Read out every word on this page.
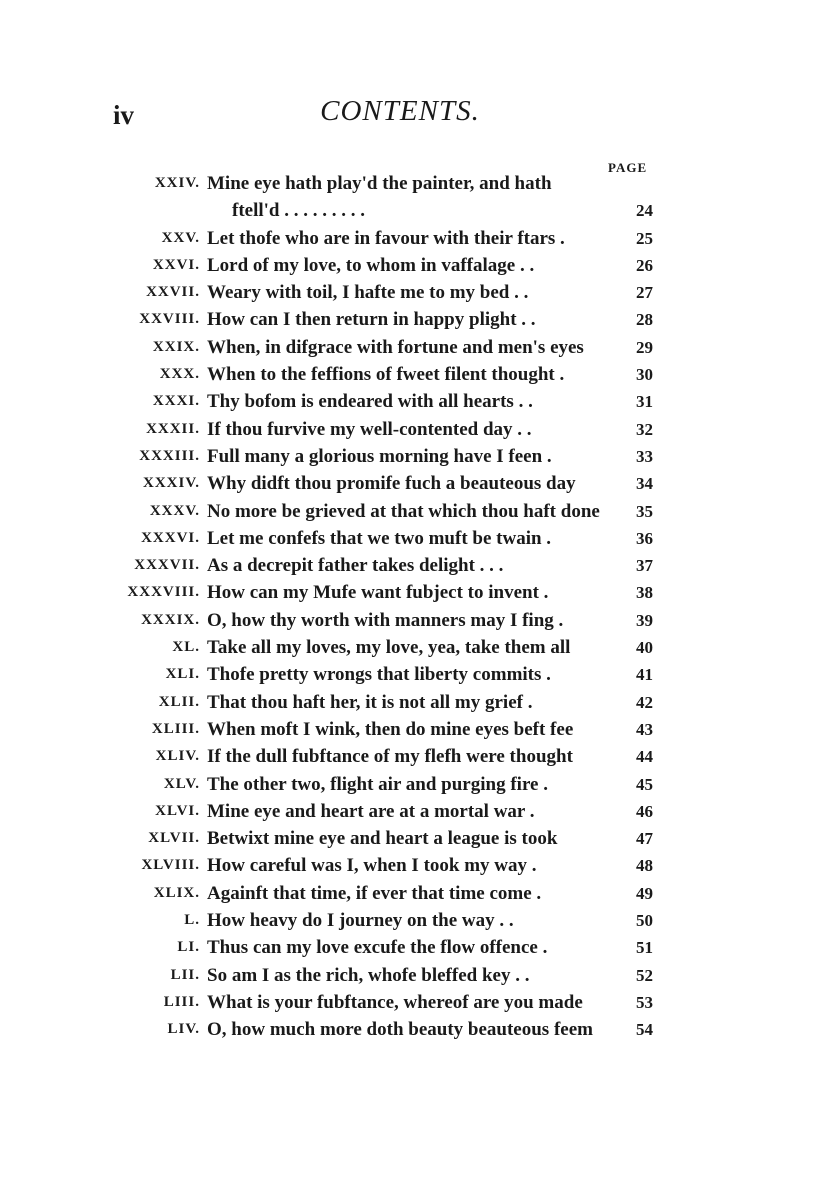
iv	CONTENTS.
PAGE
XXIV. Mine eye hath play'd the painter, and hath
ftell'd . . . . . . . . .	24
XXV. Let thofe who are in favour with their ftars .	25
XXVI. Lord of my love, to whom in vaffalage . .	26
XXVII. Weary with toil, I hafte me to my bed . .	27
XXVIII. How can I then return in happy plight . .	28
XXIX. When, in difgrace with fortune and men's eyes	29
XXX. When to the feffions of fweet filent thought .	30
XXXI. Thy bofom is endeared with all hearts . .	31
XXXII. If thou furvive my well-contented day . .	32
XXXIII. Full many a glorious morning have I feen .	33
XXXIV. Why didft thou promife fuch a beauteous day	34
XXXV. No more be grieved at that which thou haft done	35
XXXVI. Let me confefs that we two muft be twain .	36
XXXVII. As a decrepit father takes delight . . .	37
XXXVIII. How can my Mufe want fubject to invent .	38
XXXIX. O, how thy worth with manners may I fing .	39
XL. Take all my loves, my love, yea, take them all	40
XLI. Thofe pretty wrongs that liberty commits .	41
XLII. That thou haft her, it is not all my grief .	42
XLIII. When moft I wink, then do mine eyes beft fee	43
XLIV. If the dull fubftance of my flefh were thought	44
XLV. The other two, flight air and purging fire .	45
XLVI. Mine eye and heart are at a mortal war .	46
XLVII. Betwixt mine eye and heart a league is took	47
XLVIII. How careful was I, when I took my way .	48
XLIX. Againft that time, if ever that time come .	49
L. How heavy do I journey on the way . .	50
LI. Thus can my love excufe the flow offence .	51
LII. So am I as the rich, whofe bleffed key . .	52
LIII. What is your fubftance, whereof are you made	53
LIV. O, how much more doth beauty beauteous feem	54
